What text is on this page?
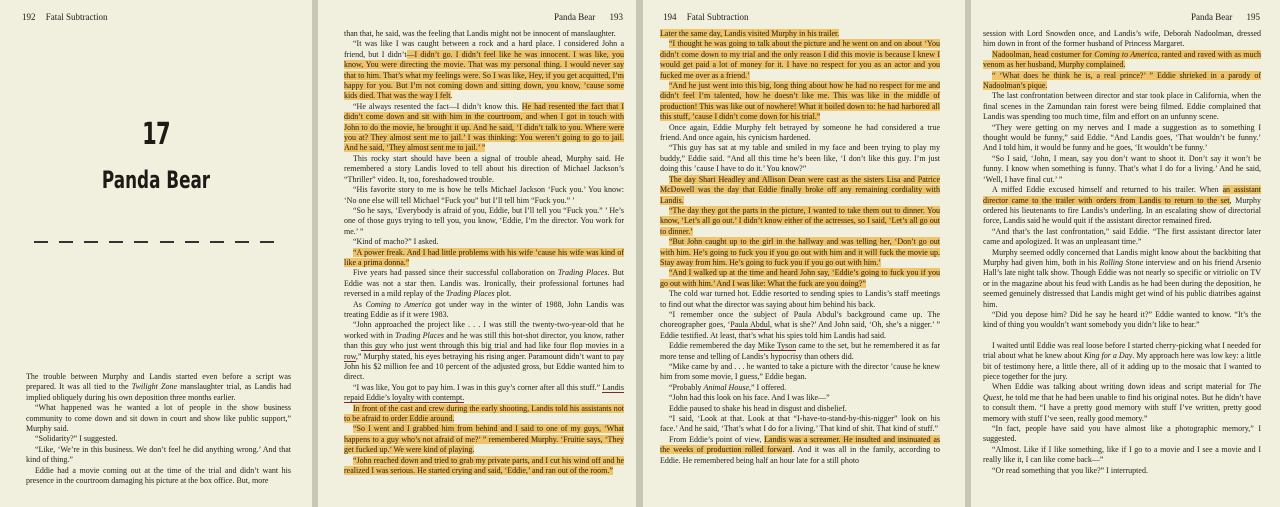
192 Fatal Subtraction
17
Panda Bear

The trouble between Murphy and Landis started even before a script was prepared. It was all tied to the Twilight Zone manslaughter trial, as Landis had implied obliquely during his own deposition three months earlier.

“What happened was he wanted a lot of people in the show business community to come down and sit down in court and show like public support,” Murphy said.

“Solidarity?” I suggested.

“Like, ‘We’re in this business. We don’t feel he did anything wrong.’ And that kind of thing.”

Eddie had a movie coming out at the time of the trial and didn’t want his presence in the courtroom damaging his picture at the box office. But, more

Panda Bear 193

than that, he said, was the feeling that Landis might not be innocent of manslaughter.

“It was like I was caught between a rock and a hard place. I considered John a friend, but I didn’t—I didn’t go. I didn’t feel like he was innocent. I was like, you know, You were directing the movie. That was my personal thing. I would never say that to him. That’s what my feelings were. So I was like, Hey, if you get acquitted, I’m happy for you. But I’m not coming down and sitting down, you know, ’cause some kids died. That was the way I felt.

“He always resented the fact—I didn’t know this. He had resented the fact that I didn’t come down and sit with him in the courtroom, and when I got in touch with John to do the movie, he brought it up. And he said, ‘I didn’t talk to you. Where were you at? They almost sent me to jail.’ I was thinking: You weren’t going to go to jail. And he said, ‘They almost sent me to jail.’ ”

This rocky start should have been a signal of trouble ahead, Murphy said. He remembered a story Landis loved to tell about his direction of Michael Jackson’s “Thriller” video. It, too, foreshadowed trouble.

“His favorite story to me is how he tells Michael Jackson ‘Fuck you.’ You know: ‘No one else will tell Michael “Fuck you” but I’ll tell him “Fuck you.” ’

“So he says, ‘Everybody is afraid of you, Eddie, but I’ll tell you “Fuck you.” ’ He’s one of those guys trying to tell you, you know, ‘Eddie, I’m the director. You work for me.’ ”

“Kind of macho?” I asked.

“A power freak. And I had little problems with his wife ’cause his wife was kind of like a prima donna.”

Five years had passed since their successful collaboration on Trading Places. But Eddie was not a star then. Landis was. Ironically, their professional fortunes had reversed in a mild replay of the Trading Places plot.

As Coming to America got under way in the winter of 1988, John Landis was treating Eddie as if it were 1983.

“John approached the project like . . . I was still the twenty-two-year-old that he worked with in Trading Places and he was still this hot-shot director, you know, rather than this guy who just went through this big trial and had like four flop movies in a row,” Murphy stated, his eyes betraying his rising anger. Paramount didn’t want to pay John his $2 million fee and 10 percent of the adjusted gross, but Eddie wanted him to direct.

“I was like, You got to pay him. I was in this guy’s corner after all this stuff.” Landis repaid Eddie’s loyalty with contempt.

In front of the cast and crew during the early shooting, Landis told his assistants not to be afraid to order Eddie around.

“So I went and I grabbed him from behind and I said to one of my guys, ‘What happens to a guy who’s not afraid of me?’ ” remembered Murphy. ‘Fruitie says, ‘They get fucked up.’ We were kind of playing.

“John reached down and tried to grab my private parts, and I cut his wind off and he realized I was serious. He started crying and said, ‘Eddie,’ and ran out of the room.”

194 Fatal Subtraction

Later the same day, Landis visited Murphy in his trailer.

“I thought he was going to talk about the picture and he went on and on about ‘You didn’t come down to my trial and the only reason I did this movie is because I knew I would get paid a lot of money for it. I have no respect for you as an actor and you fucked me over as a friend.’

“And he just went into this big, long thing about how he had no respect for me and didn’t feel I’m talented, how he doesn’t like me. This was like in the middle of production! This was like out of nowhere! What it boiled down to: he had harbored all this stuff, ’cause I didn’t come down for his trial.”

Once again, Eddie Murphy felt betrayed by someone he had considered a true friend. And once again, his cynicism hardened.

“This guy has sat at my table and smiled in my face and been trying to play my buddy,” Eddie said. “And all this time he’s been like, ‘I don’t like this guy. I’m just doing this ’cause I have to do it.’ You know?”

The day Shari Headley and Allison Dean were cast as the sisters Lisa and Patrice McDowell was the day that Eddie finally broke off any remaining cordiality with Landis.

“The day they got the parts in the picture, I wanted to take them out to dinner. You know, ‘Let’s all go out.’ I didn’t know either of the actresses, so I said, ‘Let’s all go out to dinner.’

“But John caught up to the girl in the hallway and was telling her, ‘Don’t go out with him. He’s going to fuck you if you go out with him and it will fuck the movie up. Stay away from him. He’s going to fuck you if you go out with him.’

“And I walked up at the time and heard John say, ‘Eddie’s going to fuck you if you go out with him.’ And I was like: What the fuck are you doing?”

The cold war turned hot. Eddie resorted to sending spies to Landis’s staff meetings to find out what the director was saying about him behind his back.

“I remember once the subject of Paula Abdul’s background came up. The choreographer goes, ‘Paula Abdul, what is she?’ And John said, ‘Oh, she’s a nigger.’ ” Eddie testified. At least, that’s what his spies told him Landis had said.

Eddie remembered the day Mike Tyson came to the set, but he remembered it as far more tense and telling of Landis’s hypocrisy than others did.

“Mike came by and . . . he wanted to take a picture with the director ’cause he knew him from some movie, I guess,” Eddie began.

“Probably Animal House,” I offered.

“John had this look on his face. And I was like—”

Eddie paused to shake his head in disgust and disbelief.

“I said, ‘Look at that. Look at that “I-have-to-stand-by-this-nigger” look on his face.’ And he said, ‘That’s what I do for a living.’ That kind of shit. That kind of stuff.”

From Eddie’s point of view, Landis was a screamer. He insulted and insinuated as the weeks of production rolled forward. And it was all in the family, according to Eddie. He remembered being half an hour late for a still photo

Panda Bear 195

session with Lord Snowden once, and Landis’s wife, Deborah Nadoolman, dressed him down in front of the former husband of Princess Margaret.

Nadoolman, head costumer for Coming to America, ranted and raved with as much venom as her husband, Murphy complained.

“ ‘What does he think he is, a real prince?’ ” Eddie shrieked in a parody of Nadoolman’s pique.

The last confrontation between director and star took place in California, when the final scenes in the Zamundan rain forest were being filmed. Eddie complained that Landis was spending too much time, film and effort on an unfunny scene.

“They were getting on my nerves and I made a suggestion as to something I thought would be funny,” said Eddie. “And Landis goes, ‘That wouldn’t be funny.’ And I told him, it would be funny and he goes, ‘It wouldn’t be funny.’

“So I said, ‘John, I mean, say you don’t want to shoot it. Don’t say it won’t be funny. I know when something is funny. That’s what I do for a living.’ And he said, ‘Well, I have final cut.’ ”

A miffed Eddie excused himself and returned to his trailer. When an assistant director came to the trailer with orders from Landis to return to the set, Murphy ordered his lieutenants to fire Landis’s underling. In an escalating show of directorial force, Landis said he would quit if the assistant director remained fired.

“And that’s the last confrontation,” said Eddie. “The first assistant director later came and apologized. It was an unpleasant time.”

Murphy seemed oddly concerned that Landis might know about the backbiting that Murphy had given him, both in his Rolling Stone interview and on his friend Arsenio Hall’s late night talk show. Though Eddie was not nearly so specific or vitriolic on TV or in the magazine about his feud with Landis as he had been during the deposition, he seemed genuinely distressed that Landis might get wind of his public diatribes against him.

“Did you depose him? Did he say he heard it?” Eddie wanted to know. “It’s the kind of thing you wouldn’t want somebody you didn’t like to hear.”

I waited until Eddie was real loose before I started cherry-picking what I needed for trial about what he knew about King for a Day. My approach here was low key: a little bit of testimony here, a little there, all of it adding up to the mosaic that I wanted to piece together for the jury.

When Eddie was talking about writing down ideas and script material for The Quest, he told me that he had been unable to find his original notes. But he didn’t have to consult them. “I have a pretty good memory with stuff I’ve written, pretty good memory with stuff I’ve seen, really good memory.”

“In fact, people have said you have almost like a photographic memory,” I suggested.

“Almost. Like if I like something, like if I go to a movie and I see a movie and I really like it, I can like come back—”

“Or read something that you like?” I interrupted.
